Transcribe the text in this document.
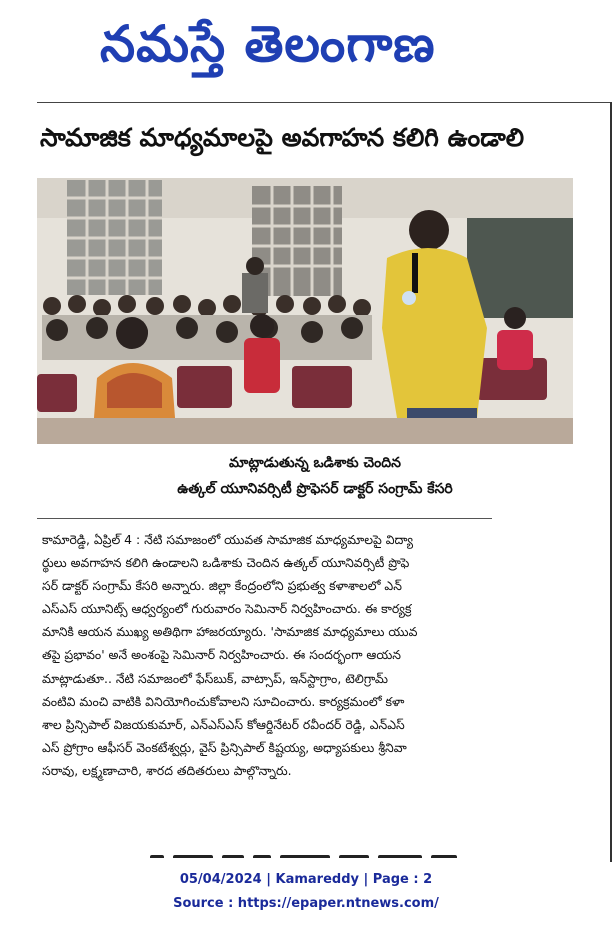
నమస్తే తెలంగాణ
సామాజిక మాధ్యమాలపై అవగాహన కలిగి ఉండాలి
మాట్లాడుతున్న ఒడిశాకు చెందిన
ఉత్కల్ యూనివర్సిటీ ప్రొఫెసర్ డాక్టర్ సంగ్రామ్ కేసరి
కామారెడ్డి, ఏప్రిల్ 4 : నేటి సమాజంలో యువత సామాజిక మాధ్యమాలపై విద్యా
ర్థులు అవగాహన కలిగి ఉండాలని ఒడిశాకు చెందిన ఉత్కల్ యూనివర్సిటీ ప్రొఫె
సర్ డాక్టర్ సంగ్రామ్ కేసరి అన్నారు. జిల్లా కేంద్రంలోని ప్రభుత్వ కళాశాలలో ఎన్
ఎస్ఎస్ యూనిట్స్ ఆధ్వర్యంలో గురువారం సెమినార్ నిర్వహించారు. ఈ కార్యక్ర
మానికి ఆయన ముఖ్య అతిథిగా హాజరయ్యారు. 'సామాజిక మాధ్యమాలు యువ
తపై ప్రభావం' అనే అంశంపై సెమినార్ నిర్వహించారు. ఈ సందర్భంగా ఆయన
మాట్లాడుతూ.. నేటి సమాజంలో ఫేస్‌బుక్, వాట్సాప్, ఇన్‌స్టాగ్రాం, టెలిగ్రామ్
వంటివి మంచి వాటికి వినియోగించుకోవాలని సూచించారు. కార్యక్రమంలో కళా
శాల ప్రిన్సిపాల్ విజయకుమార్, ఎన్ఎస్ఎస్ కోఆర్డినేటర్ రవీందర్ రెడ్డి, ఎన్ఎస్
ఎస్ ప్రోగ్రాం ఆఫీసర్ వెంకటేశ్వర్లు, వైస్ ప్రిన్సిపాల్ కిష్టయ్య, అధ్యాపకులు శ్రీనివా
సరావు, లక్ష్మణాచారి, శారద తదితరులు పాల్గొన్నారు.
05/04/2024 | Kamareddy | Page : 2
Source : https://epaper.ntnews.com/
